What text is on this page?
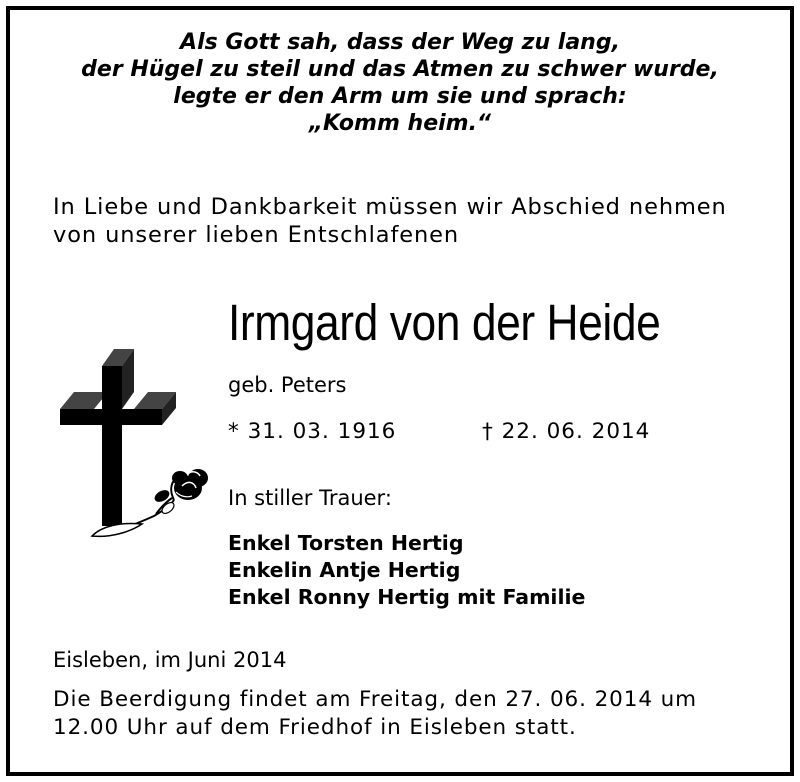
Als Gott sah, dass der Weg zu lang,
der Hügel zu steil und das Atmen zu schwer wurde,
legte er den Arm um sie und sprach:
„Komm heim.“
In Liebe und Dankbarkeit müssen wir Abschied nehmen
von unserer lieben Entschlafenen
Irmgard von der Heide
geb. Peters
* 31. 03. 1916	† 22. 06. 2014
In stiller Trauer:
Enkel Torsten Hertig
Enkelin Antje Hertig
Enkel Ronny Hertig mit Familie
Eisleben, im Juni 2014
Die Beerdigung findet am Freitag, den 27. 06. 2014 um
12.00 Uhr auf dem Friedhof in Eisleben statt.
